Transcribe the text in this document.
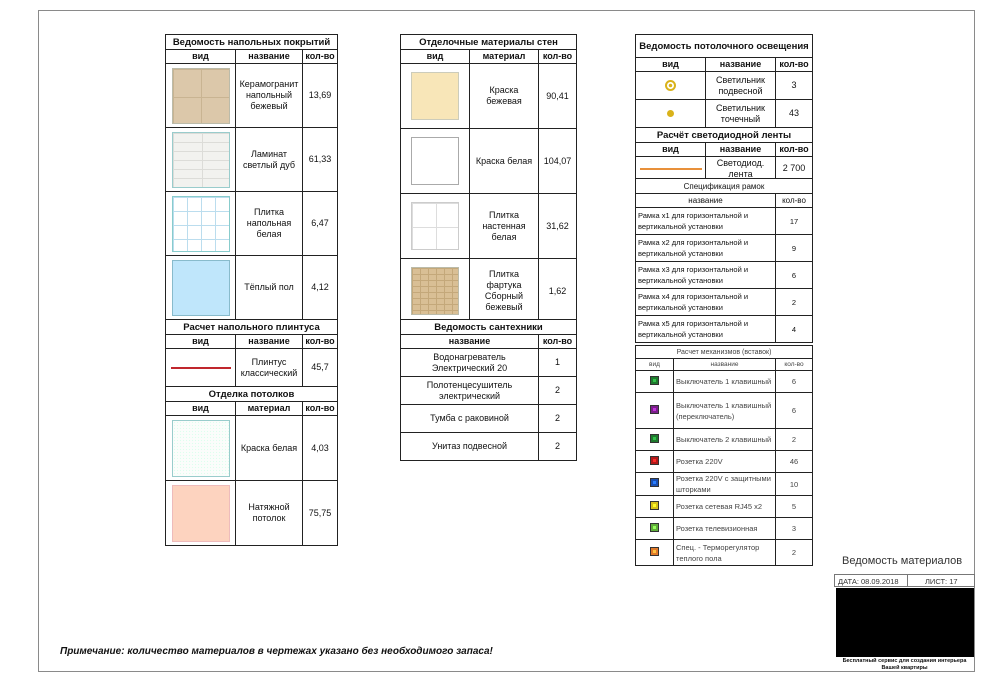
Ведомость напольных покрытий		
вид	название	кол-во

	Керамогранит напольный бежевый	13,69

	Ламинат светлый дуб	61,33

	Плитка напольная белая	6,47

	Тёплый пол	4,12
Расчет напольного плинтуса		
вид	название	кол-во

	Плинтус классический	45,7
Отделка потолков		
вид	материал	кол-во

	Краска белая	4,03

	Натяжной потолок	75,75
Отделочные материалы стен		
вид	материал	кол-во

	Краска бежевая	90,41

	Краска белая	104,07

	Плитка настенная белая	31,62

	Плитка фартука Сборный бежевый	1,62
Ведомость сантехники	
название	кол-во
Водонагреватель Электрический 20	1
Полотенцесушитель электрический	2
Тумба с раковиной	2
Унитаз подвесной	2
Ведомость потолочного освещения		
вид	название	кол-во

	Светильник подвесной	3

	Светильник точечный	43
Расчёт светодиодной ленты		
вид	название	кол-во

	Светодиод. лента	2 700
Спецификация рамок	
название	кол-во
Рамка х1 для горизонтальной и вертикальной установки	17
Рамка х2 для горизонтальной и вертикальной установки	9
Рамка х3 для горизонтальной и вертикальной установки	6
Рамка х4 для горизонтальной и вертикальной установки	2
Рамка х5 для горизонтальной и вертикальной установки	4
Расчет механизмов (вставок)		
вид	название	кол-во
	Выключатель 1 клавишный	6
	Выключатель 1 клавишный (переключатель)	6
	Выключатель 2 клавишный	2
	Розетка 220V	46
	Розетка 220V с защитными шторками	10
	Розетка сетевая RJ45 х2	5
	Розетка телевизионная	3
	Спец. - Терморегулятор теплого пола	2
Примечание: количество материалов в чертежах указано без необходимого запаса!
Ведомость материалов
ДАТА: 08.09.2018	ЛИСТ: 17
Бесплатный сервис для создания интерьера Вашей квартиры
